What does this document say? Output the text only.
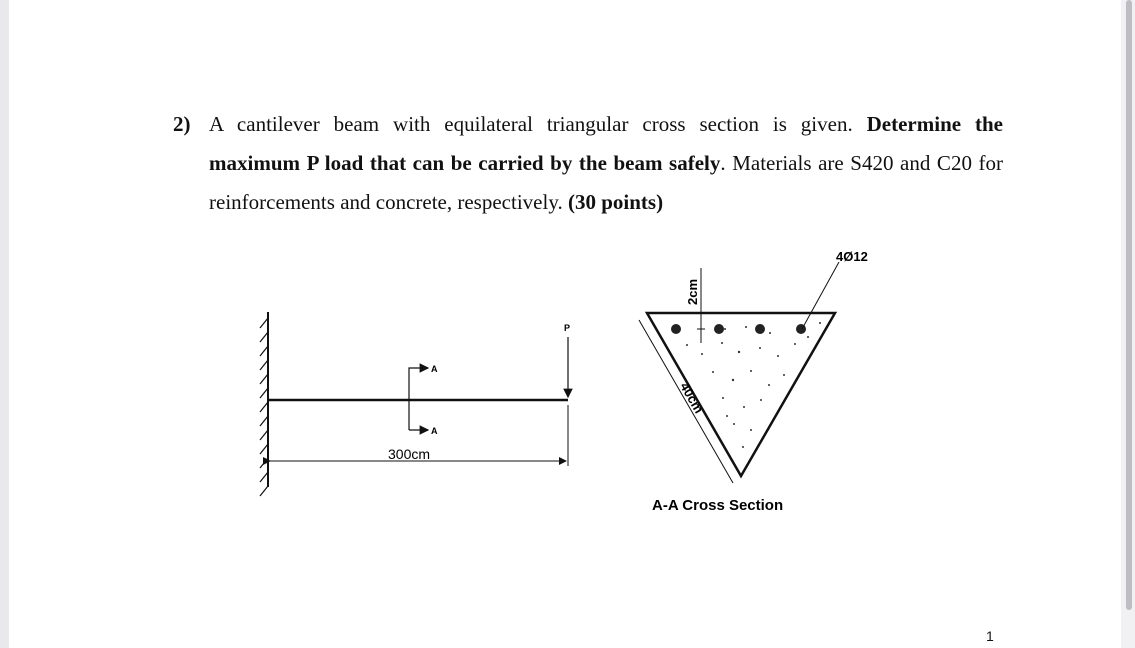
2) A cantilever beam with equilateral triangular cross section is given. Determine the maximum P load that can be carried by the beam safely. Materials are S420 and C20 for reinforcements and concrete, respectively. (30 points)
A
A
P
300cm
2cm
40cm
4Ø12
A-A Cross Section
1
